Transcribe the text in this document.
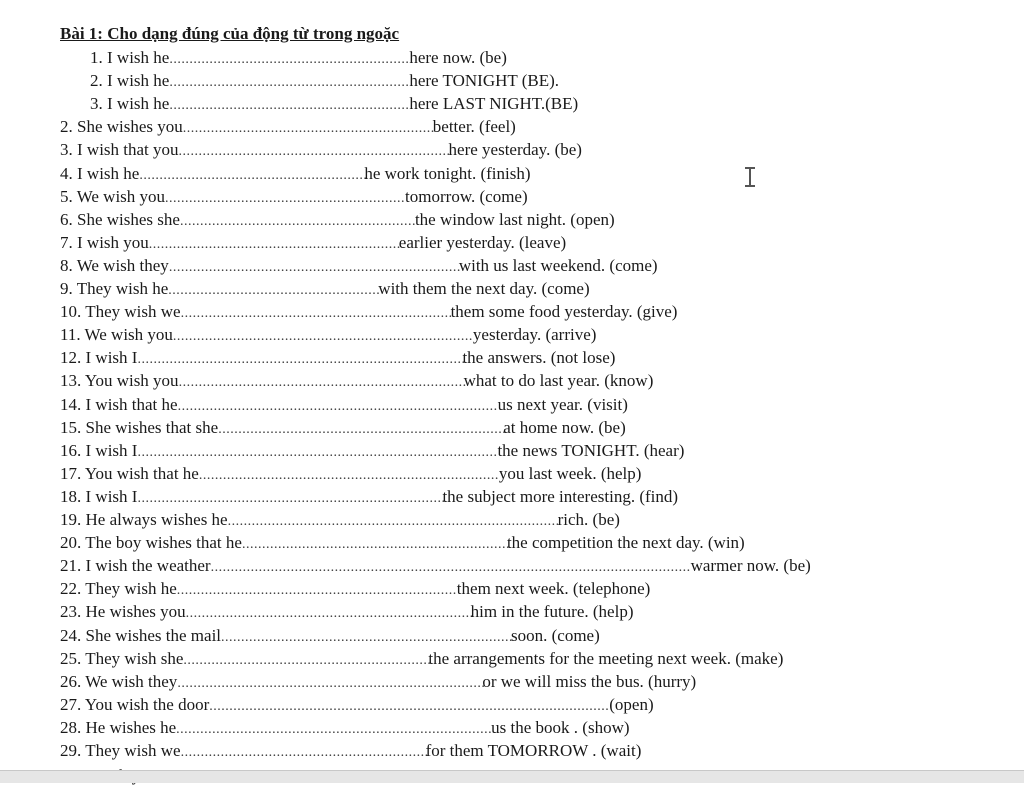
Bài 1: Cho dạng đúng của động từ trong ngoặc
1. I wish he............................................................here now. (be)
2. I wish he............................................................here TONIGHT (BE).
3. I wish he............................................................here LAST NIGHT.(BE)
2. She wishes you...............................................................better. (feel)
3. I wish that you....................................................................here yesterday. (be)
4. I wish he.........................................................he work tonight. (finish)
5. We wish you............................................................tomorrow. (come)
6. She wishes she...........................................................the window last night. (open)
7. I wish you...............................................................earlier yesterday. (leave)
8. We wish they.........................................................................with us last weekend. (come)
9. They wish he.....................................................with them the next day. (come)
10. They wish we....................................................................them some food yesterday. (give)
11. We wish you...........................................................................yesterday. (arrive)
12. I wish I..................................................................................the answers. (not lose)
13. You wish you........................................................................what to do last year. (know)
14. I wish that he................................................................................us next year. (visit)
15. She wishes that she........................................................................at home now. (be)
16. I wish I..........................................................................................the news TONIGHT. (hear)
17. You wish that he...........................................................................you last week. (help)
18. I wish I.............................................................................the subject more interesting. (find)
19. He always wishes he...................................................................................rich. (be)
20. The boy wishes that he...................................................................the competition the next day. (win)
21. I wish the weather........................................................................................................................warmer now. (be)
22. They wish he......................................................................them next week. (telephone)
23. He wishes you........................................................................him in the future. (help)
24. She wishes the mail.........................................................................soon. (come)
25. They wish she..............................................................the arrangements for the meeting next week. (make)
26. We wish they.............................................................................or we will miss the bus. (hurry)
27. You wish the door....................................................................................................(open)
28. He wishes he...............................................................................us the book . (show)
29. They wish we..............................................................for them TOMORROW . (wait)
